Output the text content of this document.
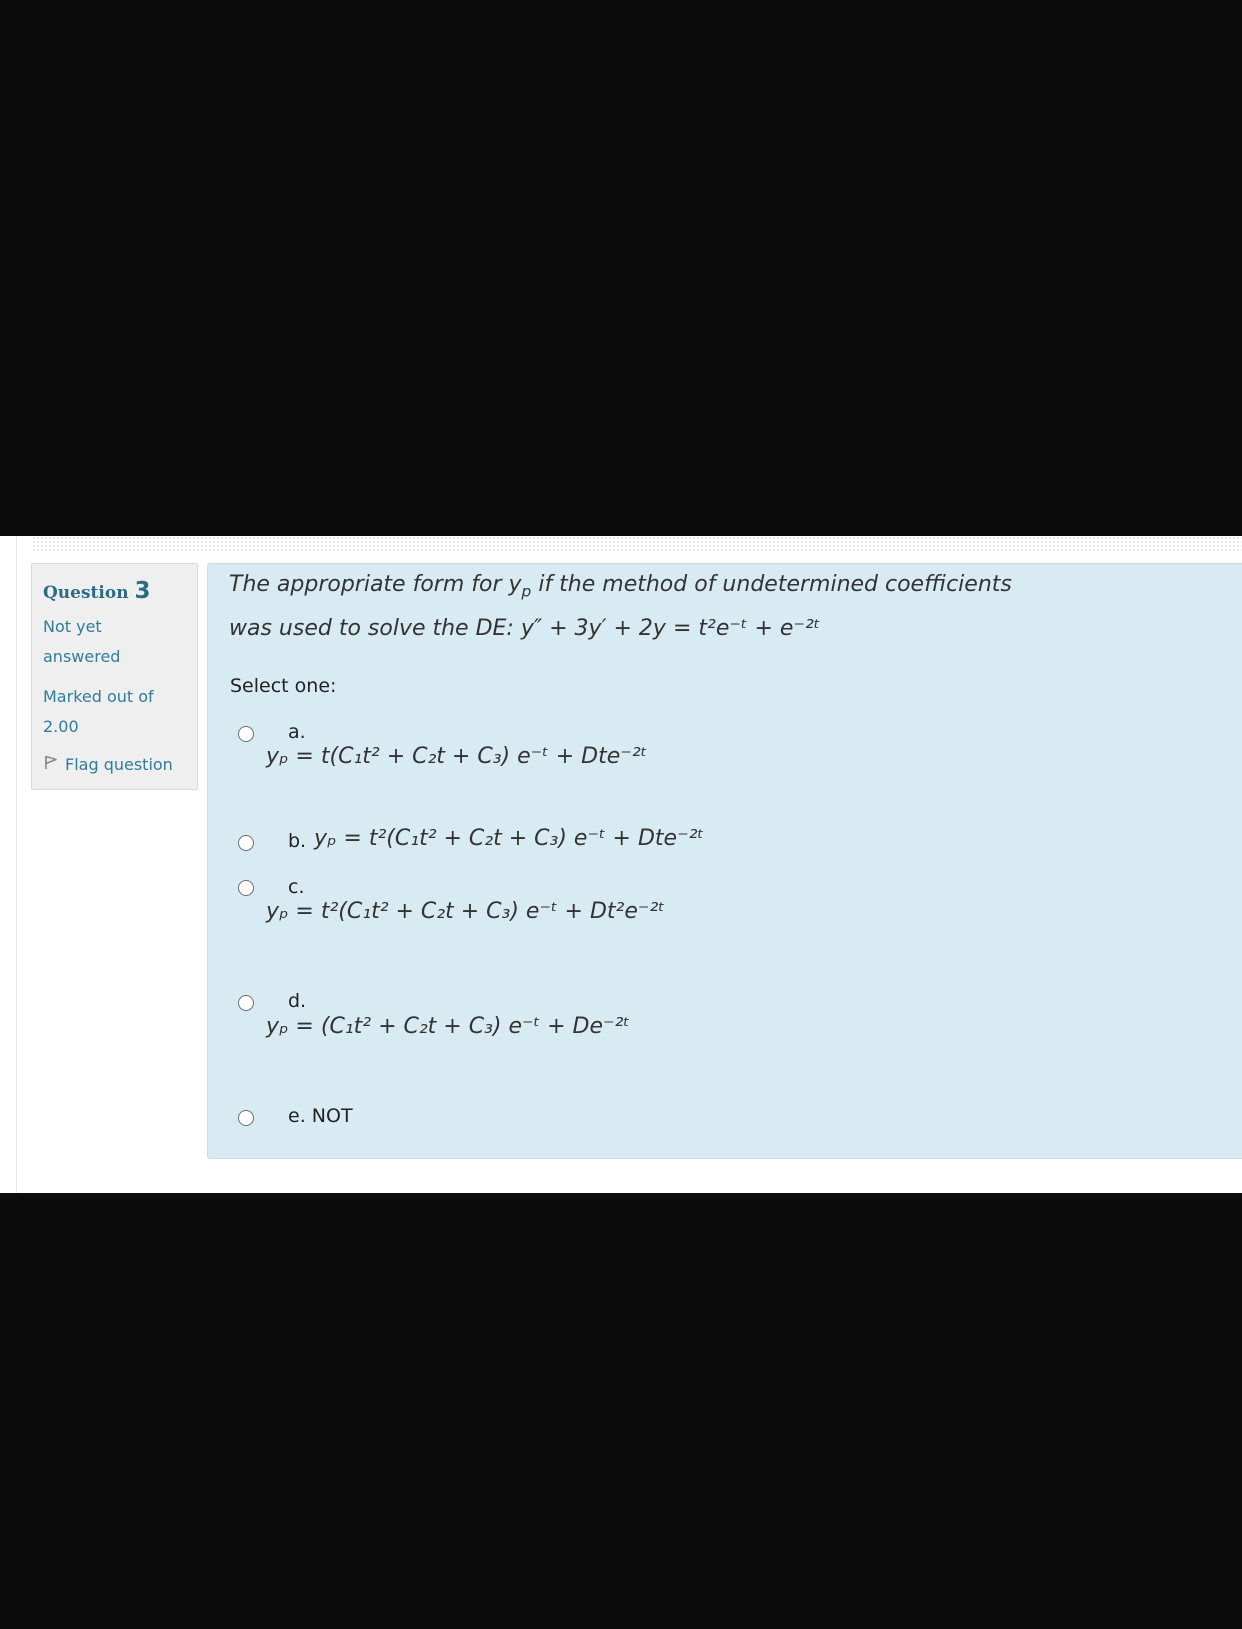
Question 3
Not yet
answered
Marked out of
2.00
Flag question
The appropriate form for $y_p$ if the method of undetermined coefficients
was used to solve the DE: y″ + 3y′ + 2y = t²e⁻ᵗ + e⁻²ᵗ
Select one:
a.
yₚ = t(C₁t² + C₂t + C₃) e⁻ᵗ + Dte⁻²ᵗ
b. yₚ = t²(C₁t² + C₂t + C₃) e⁻ᵗ + Dte⁻²ᵗ
c.
yₚ = t²(C₁t² + C₂t + C₃) e⁻ᵗ + Dt²e⁻²ᵗ
d.
yₚ = (C₁t² + C₂t + C₃) e⁻ᵗ + De⁻²ᵗ
e. NOT
